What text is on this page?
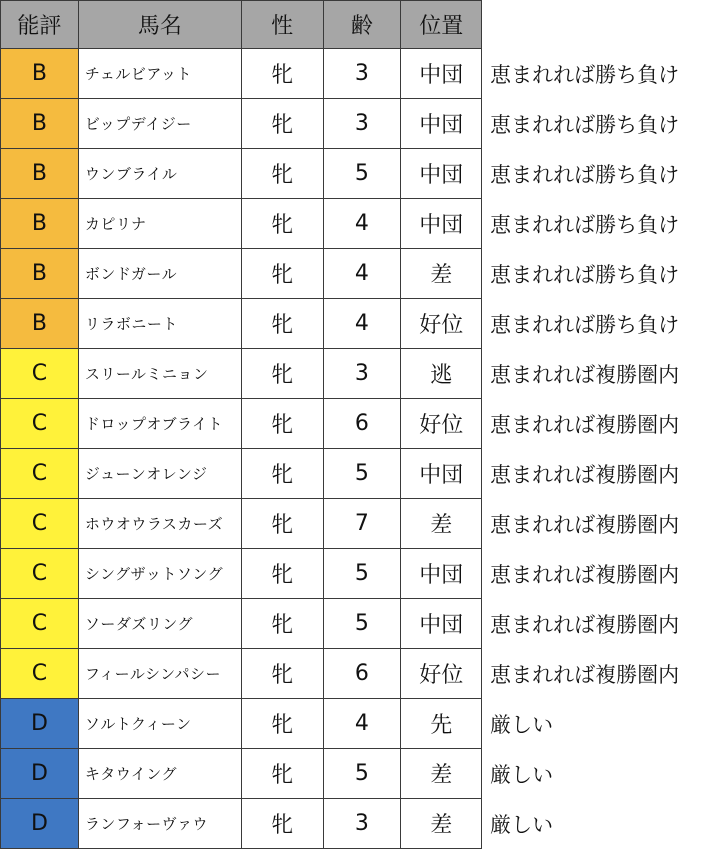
能評	馬名	性	齢	位置	
B	チェルビアット	牝	3	中団	恵まれれば勝ち負け
B	ビップデイジー	牝	3	中団	恵まれれば勝ち負け
B	ウンブライル	牝	5	中団	恵まれれば勝ち負け
B	カピリナ	牝	4	中団	恵まれれば勝ち負け
B	ボンドガール	牝	4	差	恵まれれば勝ち負け
B	リラボニート	牝	4	好位	恵まれれば勝ち負け
C	スリールミニョン	牝	3	逃	恵まれれば複勝圏内
C	ドロップオブライト	牝	6	好位	恵まれれば複勝圏内
C	ジューンオレンジ	牝	5	中団	恵まれれば複勝圏内
C	ホウオウラスカーズ	牝	7	差	恵まれれば複勝圏内
C	シングザットソング	牝	5	中団	恵まれれば複勝圏内
C	ソーダズリング	牝	5	中団	恵まれれば複勝圏内
C	フィールシンパシー	牝	6	好位	恵まれれば複勝圏内
D	ソルトクィーン	牝	4	先	厳しい
D	キタウイング	牝	5	差	厳しい
D	ランフォーヴァウ	牝	3	差	厳しい
